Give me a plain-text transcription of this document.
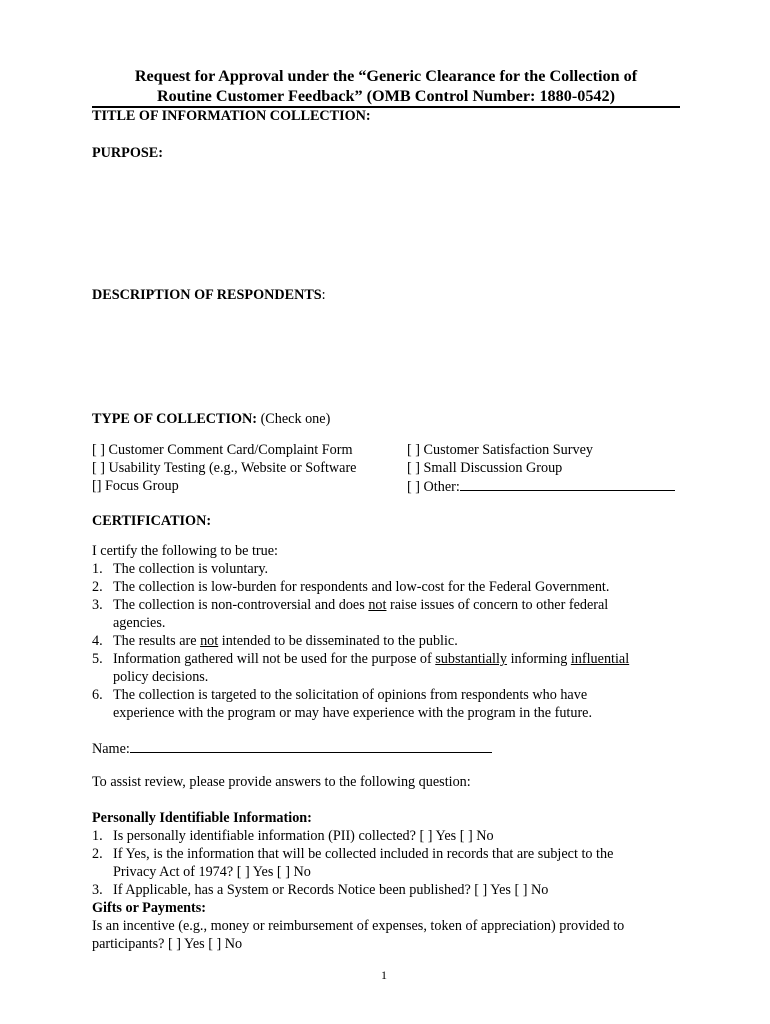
Request for Approval under the “Generic Clearance for the Collection of
Routine Customer Feedback” (OMB Control Number: 1880-0542)
TITLE OF INFORMATION COLLECTION:
PURPOSE:
DESCRIPTION OF RESPONDENTS:
TYPE OF COLLECTION: (Check one)
[ ] Customer Comment Card/Complaint Form
[ ] Usability Testing (e.g., Website or Software
[] Focus Group
[ ] Customer Satisfaction Survey
[ ] Small Discussion Group
[ ] Other:
CERTIFICATION:
I certify the following to be true:
1. The collection is voluntary.
2. The collection is low-burden for respondents and low-cost for the Federal Government.
3. The collection is non-controversial and does not raise issues of concern to other federal
agencies.
4. The results are not intended to be disseminated to the public.
5. Information gathered will not be used for the purpose of substantially informing influential
policy decisions.
6. The collection is targeted to the solicitation of opinions from respondents who have
experience with the program or may have experience with the program in the future.
Name:
To assist review, please provide answers to the following question:
Personally Identifiable Information:
1. Is personally identifiable information (PII) collected? [ ] Yes [ ] No
2. If Yes, is the information that will be collected included in records that are subject to the
Privacy Act of 1974? [ ] Yes [ ] No
3. If Applicable, has a System or Records Notice been published? [ ] Yes [ ] No
Gifts or Payments:
Is an incentive (e.g., money or reimbursement of expenses, token of appreciation) provided to
participants? [ ] Yes [ ] No
1
